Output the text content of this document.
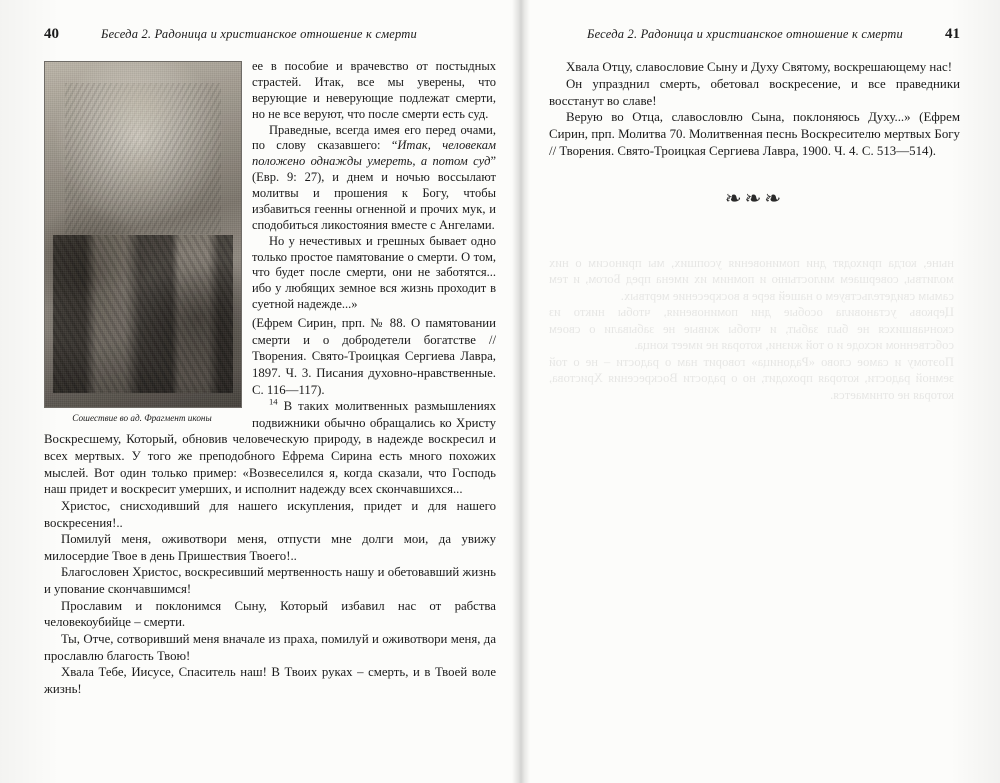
40	Беседа 2. Радоница и христианское отношение к смерти
Сошествие во ад. Фрагмент иконы

ее в пособие и врачевство от постыдных страстей. Итак, все мы уверены, что верующие и неверующие подлежат смерти, но не все веруют, что после смерти есть суд.

Праведные, всегда имея его перед очами, по слову сказавшего: “Итак, человекам положено однажды умереть, а потом суд” (Евр. 9: 27), и днем и ночью воссылают молитвы и прошения к Богу, чтобы избавиться геенны огненной и прочих мук, и сподобиться ликостояния вместе с Ангелами.

Но у нечестивых и грешных бывает одно только простое памятование о смерти. О том, что будет после смерти, они не заботятся... ибо у любящих земное вся жизнь проходит в суетной надежде...»

(Ефрем Сирин, прп. № 88. О памятовании смерти и о добродетели богатстве // Творения. Свято-Троицкая Сергиева Лавра, 1897. Ч. 3. Писания духовно-нравственные. С. 116—117).

$^{14}$ В таких молитвенных размышлениях подвижники обычно обращались ко Христу Воскресшему, Который, обновив человеческую природу, в надежде воскресил и всех мертвых. У того же преподобного Ефрема Сирина есть много похожих мыслей. Вот один только пример: «Возвеселился я, когда сказали, что Господь наш придет и воскресит умерших, и исполнит надежду всех скончавшихся...

Христос, снисходивший для нашего искупления, придет и для нашего воскресения!..

Помилуй меня, оживотвори меня, отпусти мне долги мои, да увижу милосердие Твое в день Пришествия Твоего!..

Благословен Христос, воскресивший мертвенность нашу и обетовавший жизнь и упование скончавшимся!

Прославим и поклонимся Сыну, Который избавил нас от рабства человекоубийце – смерти.

Ты, Отче, сотворивший меня вначале из праха, помилуй и оживотвори меня, да прославлю благость Твою!

Хвала Тебе, Иисусе, Спаситель наш! В Твоих руках – смерть, и в Твоей воле жизнь!

Беседа 2. Радоница и христианское отношение к смерти	41

Хвала Отцу, славословие Сыну и Духу Святому, воскрешающему нас!

Он упразднил смерть, обетовал воскресение, и все праведники восстанут во славе!

Верую во Отца, славословлю Сына, поклоняюсь Духу...» (Ефрем Сирин, прп. Молитва 70. Молитвенная песнь Воскресителю мертвых Богу // Творения. Свято-Троицкая Сергиева Лавра, 1900. Ч. 4. С. 513—514).

❧❧❧

ныне, когда приходят дни поминовения усопших, мы приносим о них молитвы, совершаем милостыню и помним их имена пред Богом, и тем самым свидетельствуем о нашей вере в воскресение мертвых.

Церковь установила особые дни поминовения, чтобы никто из скончавшихся не был забыт, и чтобы живые не забывали о своем собственном исходе и о той жизни, которая не имеет конца.

Поэтому и самое слово «Радоница» говорит нам о радости – не о той земной радости, которая проходит, но о радости Воскресения Христова, которая не отнимается.
